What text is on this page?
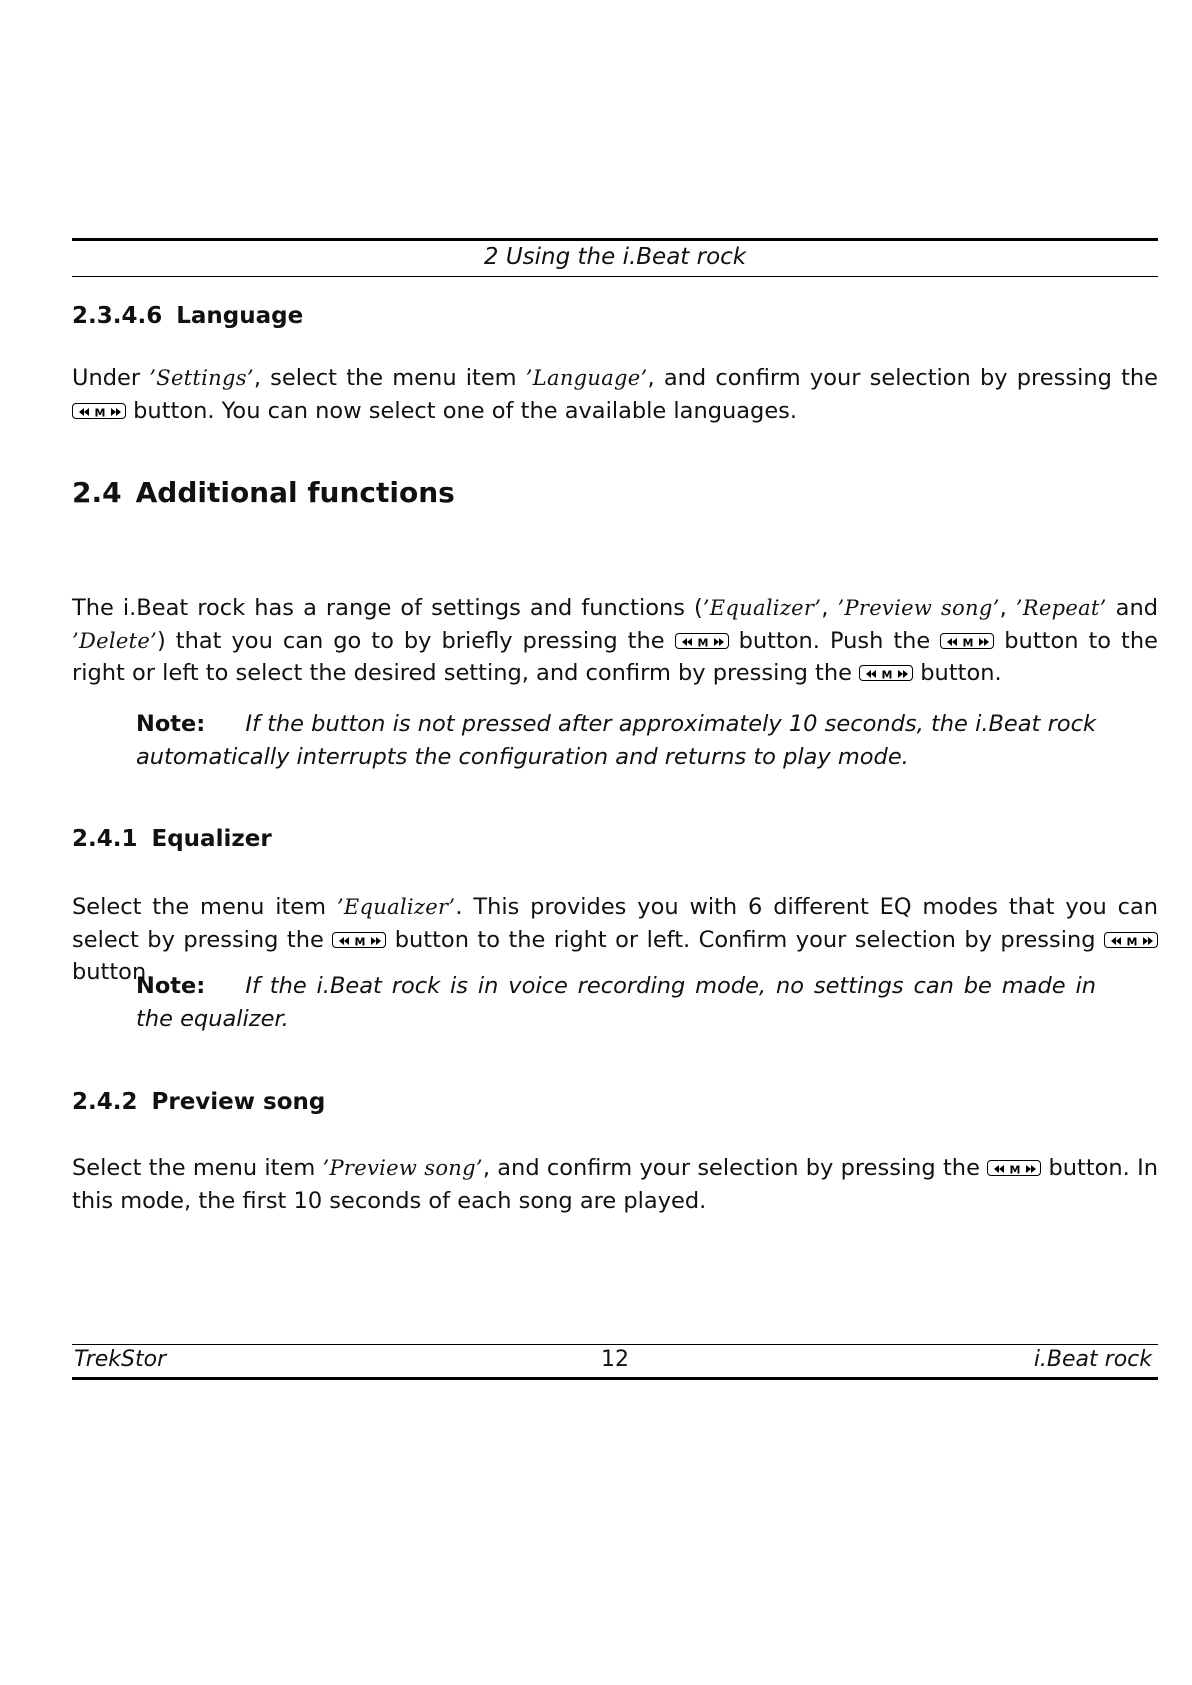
2 Using the i.Beat rock
2.3.4.6 Language

Under ’Settings’, select the menu item ’Language’, and confirm your selection by pressing the
M button. You can now select one of the available languages.

2.4 Additional functions

The i.Beat rock has a range of settings and functions (’Equalizer’, ’Preview song’, ’Repeat’ and ’Delete’) that you can go to by briefly pressing the M button. Push the M button to the right or left to select the desired setting, and confirm by pressing the M button.

Note: If the button is not pressed after approximately 10 seconds, the i.Beat rock automatically interrupts the configuration and returns to play mode.
2.4.1 Equalizer

Select the menu item ’Equalizer’. This provides you with 6 different EQ modes that you can select by pressing the M button to the right or left. Confirm your selection by pressing M
button.

Note: If the i.Beat rock is in voice recording mode, no settings can be made in the equalizer.
2.4.2 Preview song

Select the menu item ’Preview song’, and confirm your selection by pressing the M button. In this mode, the first 10 seconds of each song are played.

TrekStor	12	i.Beat rock
